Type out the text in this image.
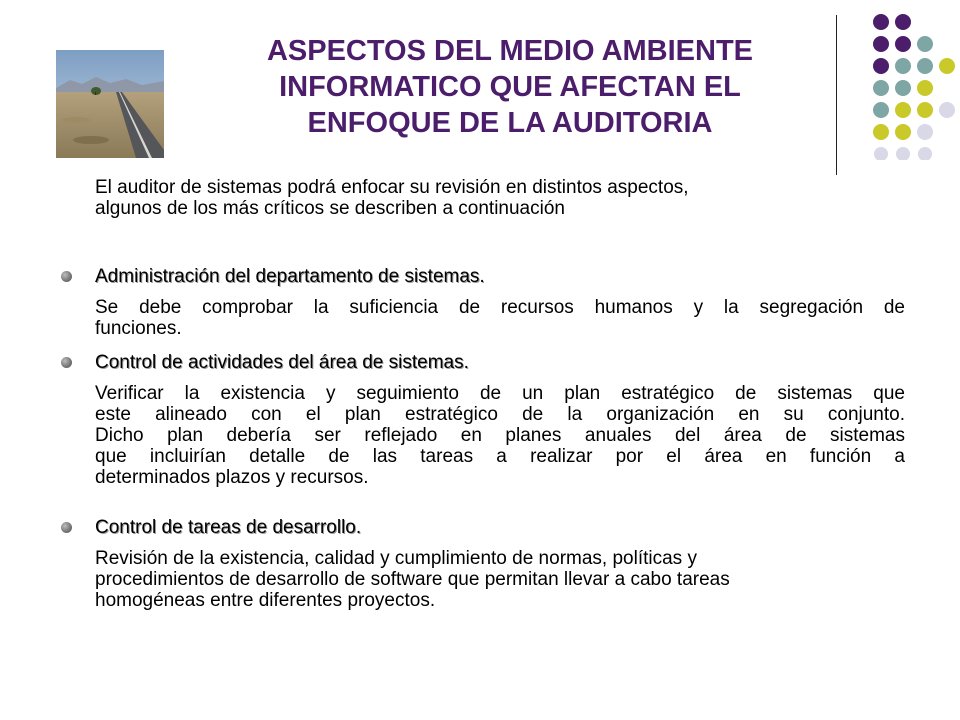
ASPECTOS DEL MEDIO AMBIENTE
INFORMATICO QUE AFECTAN EL
ENFOQUE DE LA AUDITORIA
El auditor de sistemas podrá enfocar su revisión en distintos aspectos,
algunos de los más críticos se describen a continuación
Administración del departamento de sistemas.
Se debe comprobar la suficiencia de recursos humanos y la segregación de
funciones.
Control de actividades del área de sistemas.
Verificar la existencia y seguimiento de un plan estratégico de sistemas que
este alineado con el plan estratégico de la organización en su conjunto.
Dicho plan debería ser reflejado en planes anuales del área de sistemas
que incluirían detalle de las tareas a realizar por el área en función a
determinados plazos y recursos.
Control de tareas de desarrollo.
Revisión de la existencia, calidad y cumplimiento de normas, políticas y
procedimientos de desarrollo de software que permitan llevar a cabo tareas
homogéneas entre diferentes proyectos.
